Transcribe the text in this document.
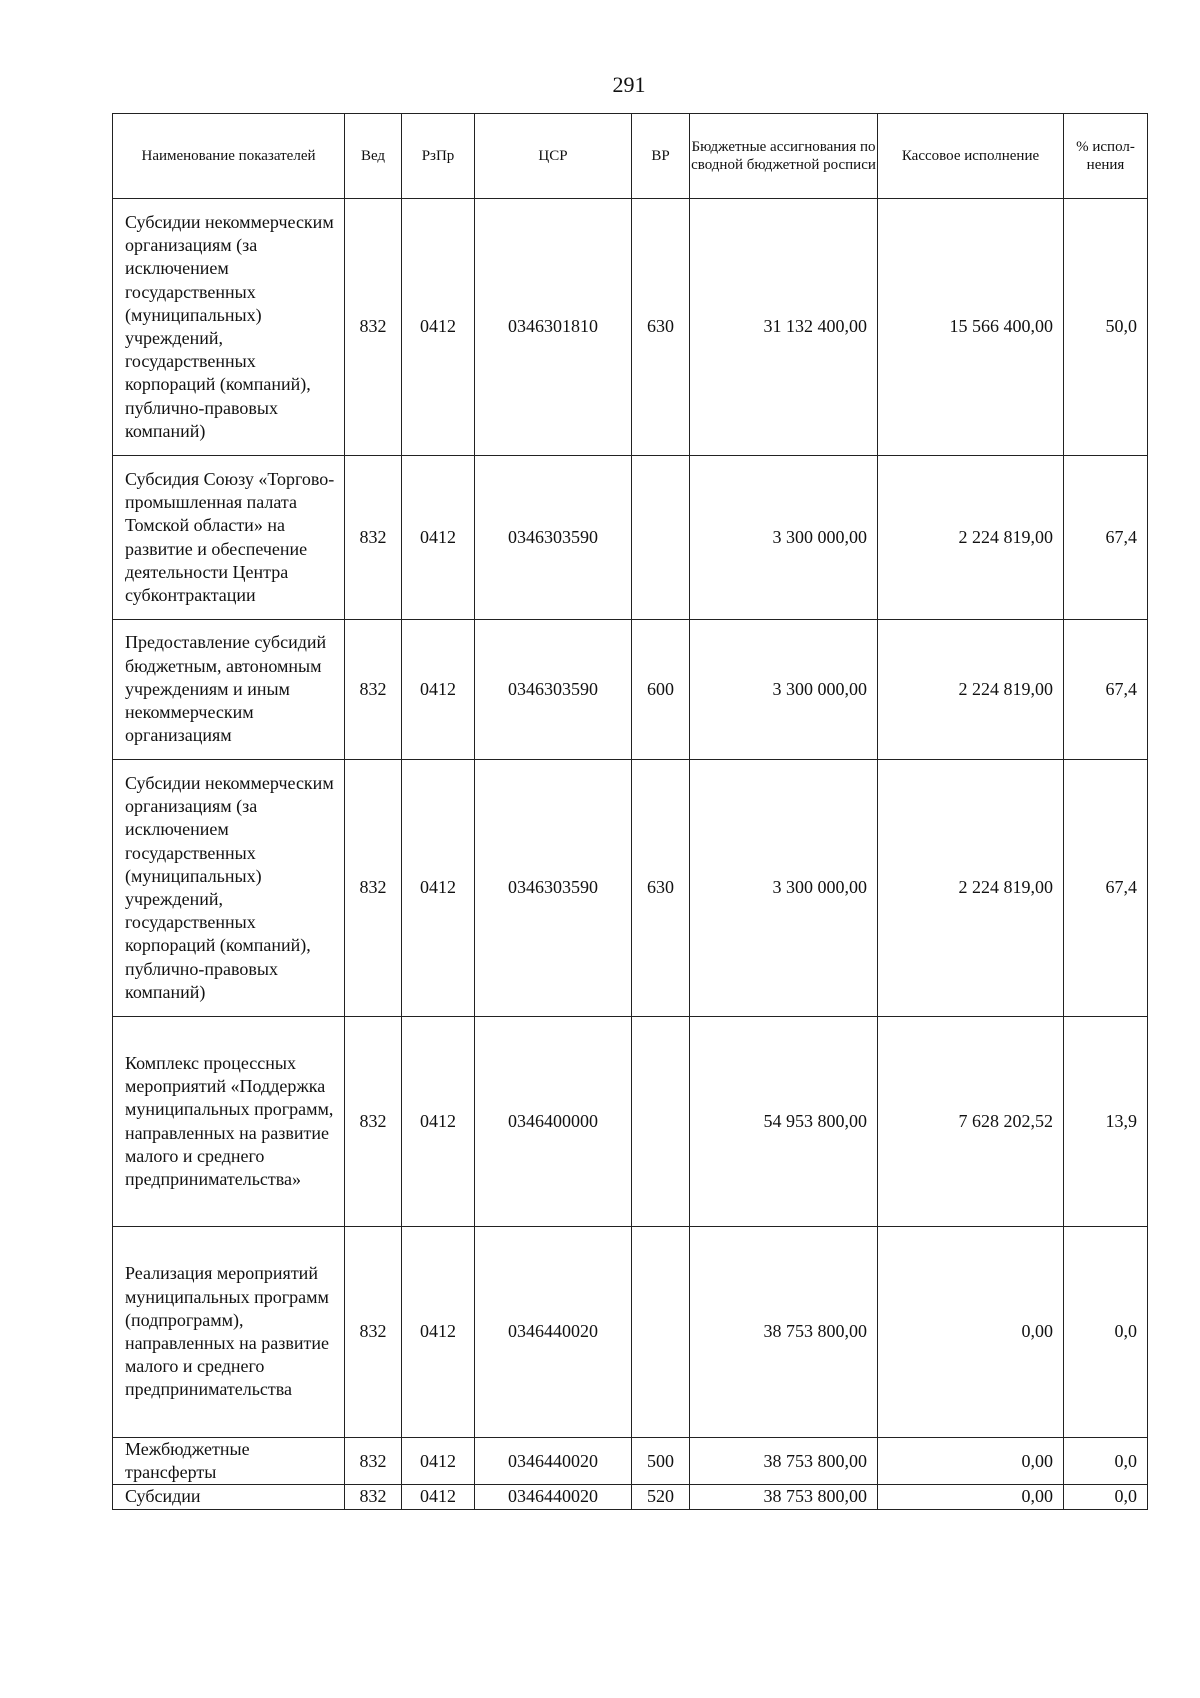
291
Наименование показателей	Вед	РзПр	ЦСР	ВР	Бюджетные ассигнования по сводной бюджетной росписи	Кассовое исполнение	% испол-нения
Субсидии некоммерческим организациям (за исключением государственных (муниципальных) учреждений, государственных корпораций (компаний), публично-правовых компаний)	832	0412	0346301810	630	31 132 400,00	15 566 400,00	50,0
Субсидия Союзу «Торгово-промышленная палата Томской области» на развитие и обеспечение деятельности Центра субконтрактации	832	0412	0346303590		3 300 000,00	2 224 819,00	67,4
Предоставление субсидий бюджетным, автономным учреждениям и иным некоммерческим организациям	832	0412	0346303590	600	3 300 000,00	2 224 819,00	67,4
Субсидии некоммерческим организациям (за исключением государственных (муниципальных) учреждений, государственных корпораций (компаний), публично-правовых компаний)	832	0412	0346303590	630	3 300 000,00	2 224 819,00	67,4
Комплекс процессных мероприятий «Поддержка муниципальных программ, направленных на развитие малого и среднего предпринимательства»	832	0412	0346400000		54 953 800,00	7 628 202,52	13,9
Реализация мероприятий муниципальных программ (подпрограмм), направленных на развитие малого и среднего предпринимательства	832	0412	0346440020		38 753 800,00	0,00	0,0
Межбюджетные трансферты	832	0412	0346440020	500	38 753 800,00	0,00	0,0
Субсидии	832	0412	0346440020	520	38 753 800,00	0,00	0,0
